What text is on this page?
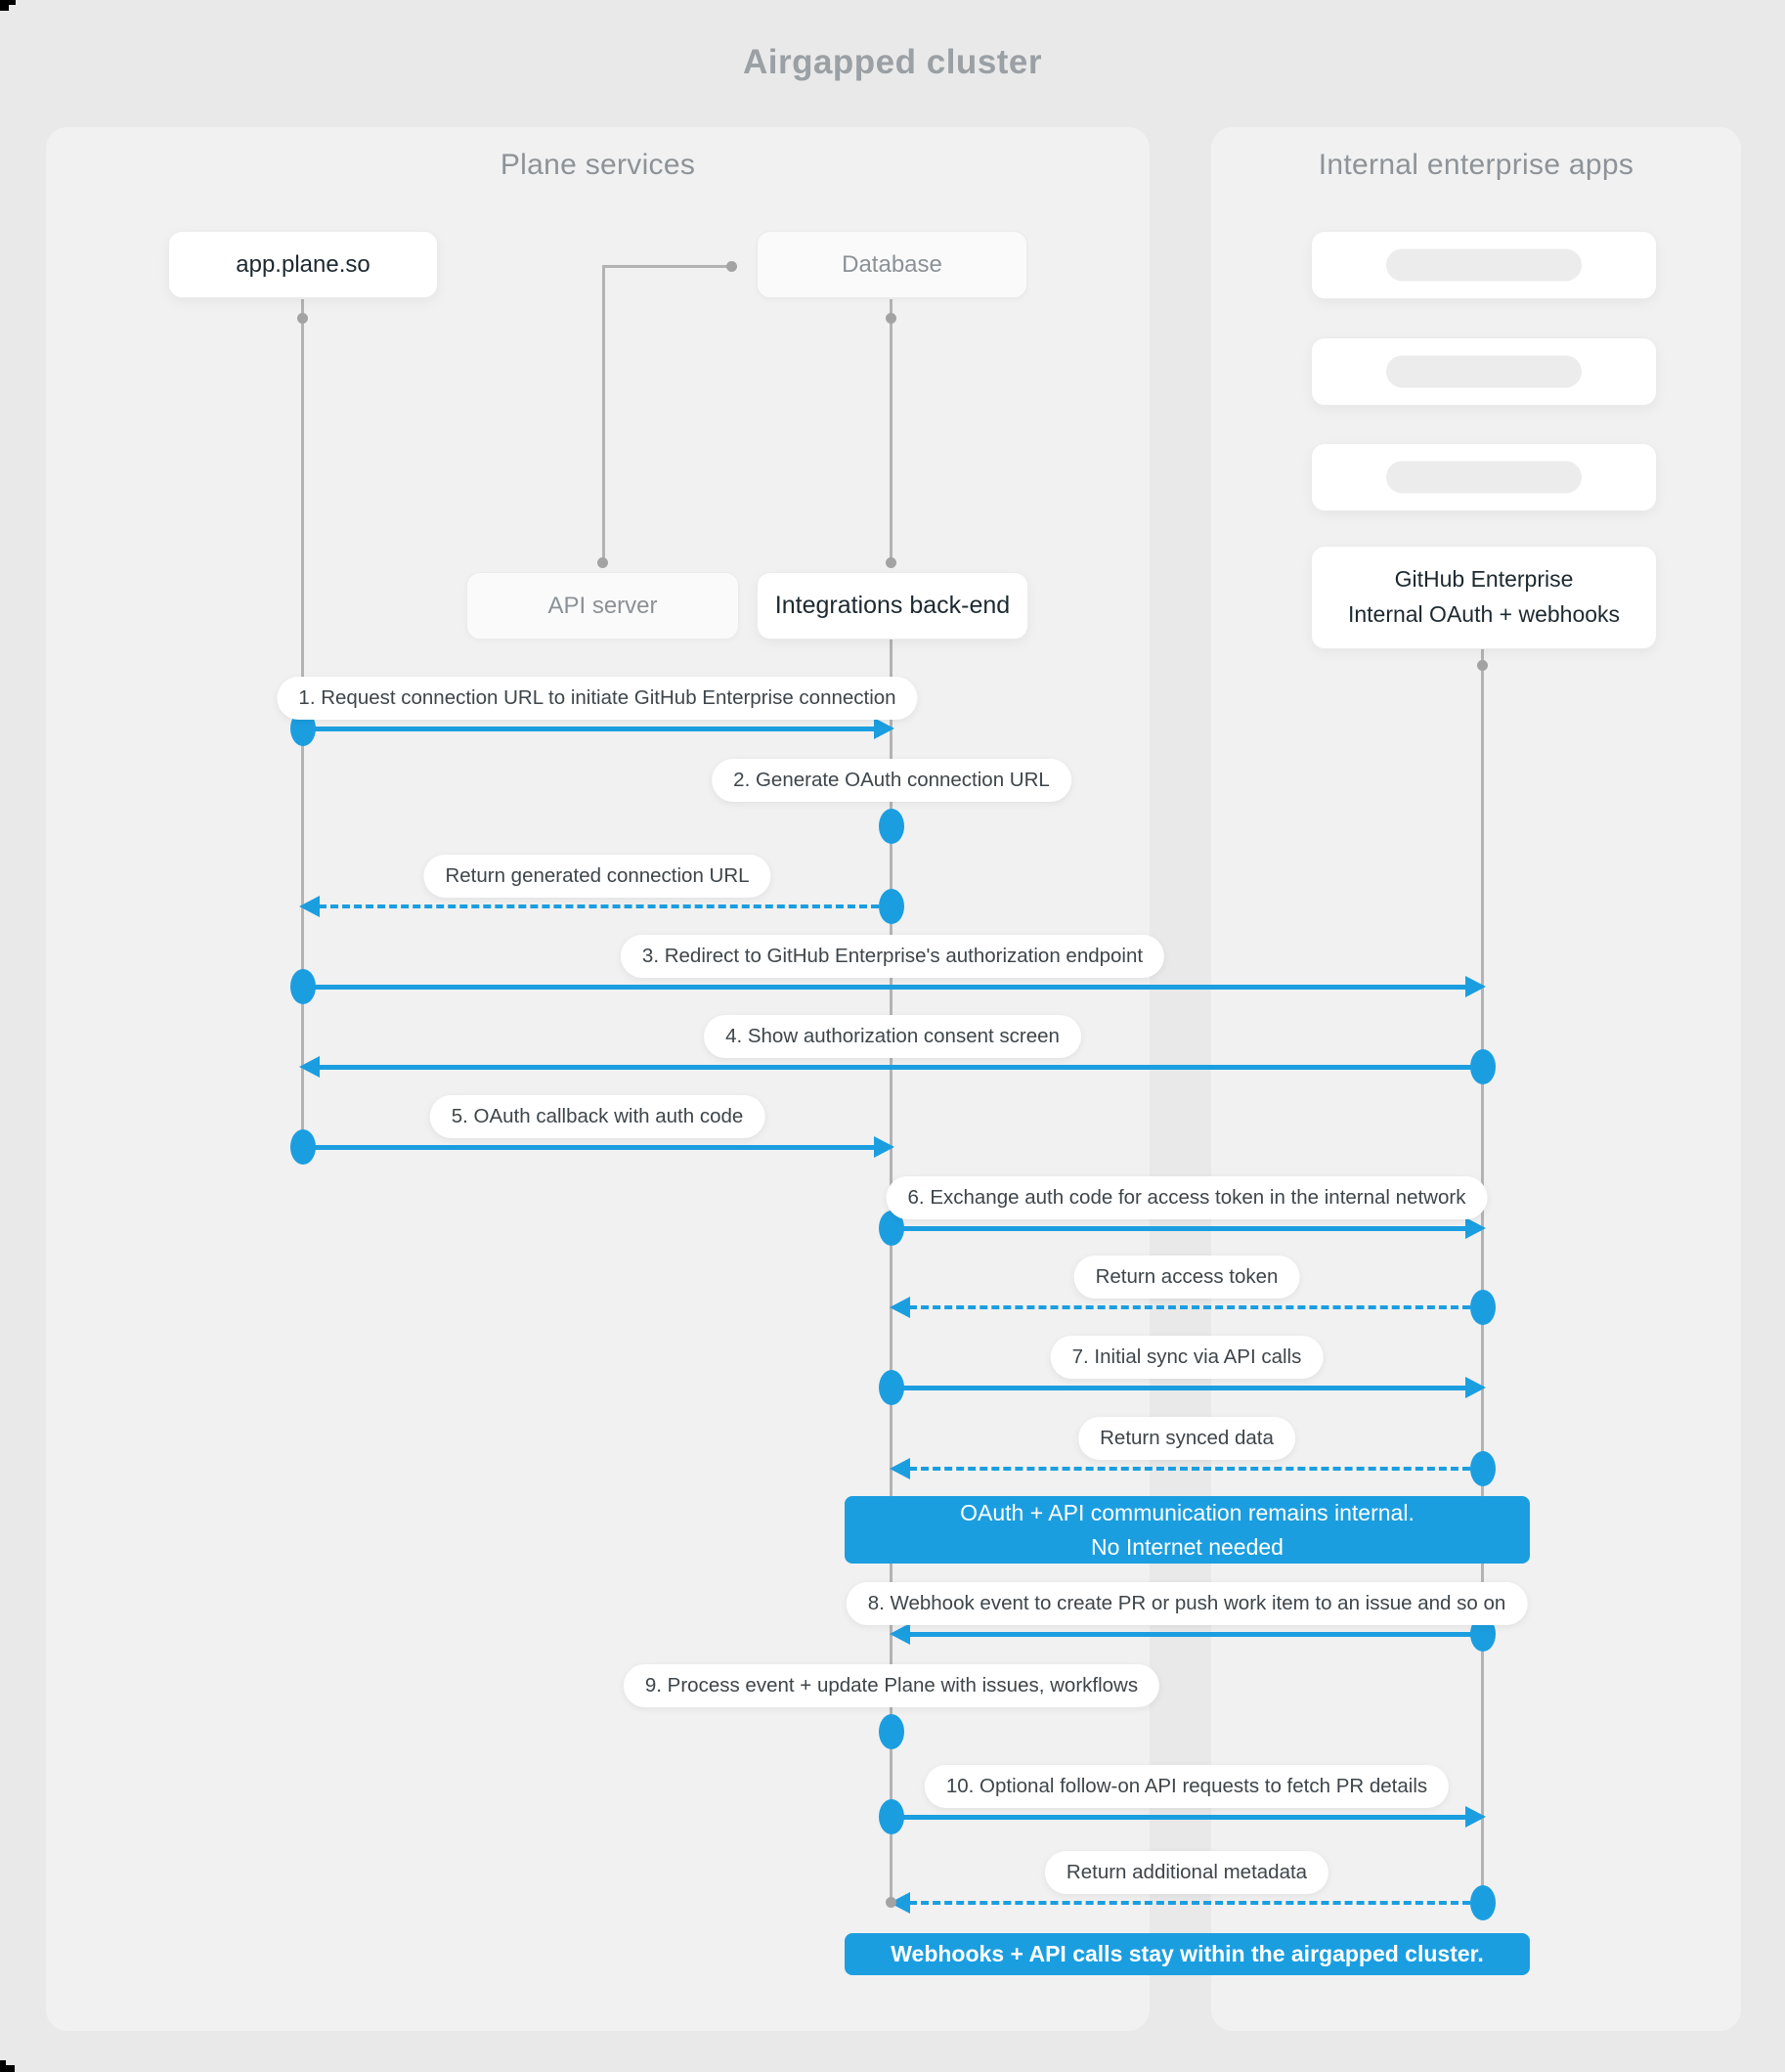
Airgapped cluster
Plane services	Internal enterprise apps
app.plane.so	Database
API server	Integrations back-end
GitHub Enterprise
Internal OAuth + webhooks
1. Request connection URL to initiate GitHub Enterprise connection
2. Generate OAuth connection URL
Return generated connection URL
3. Redirect to GitHub Enterprise's authorization endpoint
4. Show authorization consent screen
5. OAuth callback with auth code
6. Exchange auth code for access token in the internal network
Return access token
7. Initial sync via API calls
Return synced data
OAuth + API communication remains internal.
No Internet needed
8. Webhook event to create PR or push work item to an issue and so on
9. Process event + update Plane with issues, workflows
10. Optional follow-on API requests to fetch PR details
Return additional metadata
Webhooks + API calls stay within the airgapped cluster.
